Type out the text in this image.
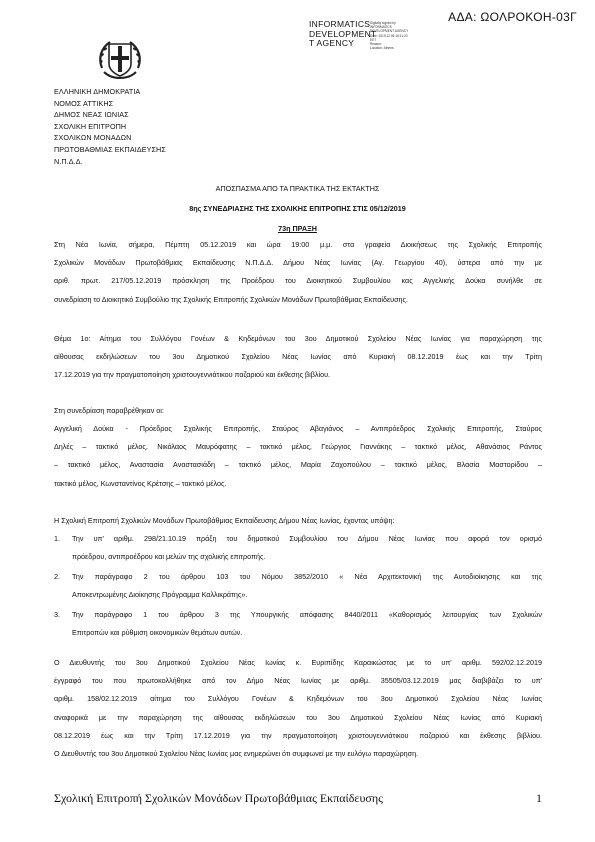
ΑΔΑ: ΩΟΛΡΟΚΟΗ-03Γ
INFORMATICS
DEVELOPMENT
T AGENCY
Digitally signed by
INFORMATICS
DEVELOPMENT AGENCY
Date: 2019.12.06 16:11:23
EET
Reason:
Location: Athens
ΕΛΛΗΝΙΚΗ ΔΗΜΟΚΡΑΤΙΑ
ΝΟΜΟΣ ΑΤΤΙΚΗΣ
ΔΗΜΟΣ ΝΕΑΣ ΙΩΝΙΑΣ
ΣΧΟΛΙΚΗ ΕΠΙΤΡΟΠΗ
ΣΧΟΛΙΚΩΝ ΜΟΝΑΔΩΝ
ΠΡΩΤΟΒΑΘΜΙΑΣ ΕΚΠΑΙΔΕΥΣΗΣ
Ν.Π.Δ.Δ.
ΑΠΟΣΠΑΣΜΑ ΑΠΟ ΤΑ ΠΡΑΚΤΙΚΑ ΤΗΣ ΕΚΤΑΚΤΗΣ
8ης ΣΥΝΕΔΡΙΑΣΗΣ ΤΗΣ ΣΧΟΛΙΚΗΣ ΕΠΙΤΡΟΠΗΣ ΣΤΙΣ 05/12/2019
73η ΠΡΑΞΗ
Στη Νέα Ιωνία, σήμερα, Πέμπτη 05.12.2019 και ώρα 19:00 μ.μ. στα γραφεία Διοικήσεως της Σχολικής Επιτροπής
Σχολικών Μονάδων Πρωτοβάθμιας Εκπαίδευσης Ν.Π.Δ.Δ. Δήμου Νέας Ιωνίας (Αγ. Γεωργίου 40), ύστερα από την με
αριθ. πρωτ. 217/05.12.2019 πρόσκληση της Προέδρου του Διοικητικού Συμβουλίου κας Αγγελικής Δούκα συνήλθε σε
συνεδρίαση το Διοικητικό Συμβούλιο της Σχολικής Επιτροπής Σχολικών Μονάδων Πρωτοβάθμιας Εκπαίδευσης.
Θέμα 1ο: Αίτημα του Συλλόγου Γονέων & Κηδεμόνων του 3ου Δημοτικού Σχολείου Νέας Ιωνίας για παραχώρηση της
αίθουσας εκδηλώσεων του 3ου Δημοτικού Σχολείου Νέας Ιωνίας από Κυριακή 08.12.2019 έως και την Τρίτη
17.12.2019 για την πραγματοποίηση χριστουγεννιάτικου παζαριού και έκθεσης βιβλίου.
Στη συνεδρίαση παραβρέθηκαν οι:
Αγγελική Δούκα - Πρόεδρος Σχολικής Επιτροπής, Σταύρος Αβαγιάνος – Αντιπρόεδρος Σχολικής Επιτροπής, Σταύρος
Δηλές – τακτικό μέλος, Νικόλαος Μαυρόφατης – τακτικό μέλος, Γεώργιος Γιαννάκης – τακτικό μέλος, Αθανάσιος Ράντος
– τακτικό μέλος, Αναστασία Αναστασιάδη – τακτικό μέλος, Μαρία Ζαχοπούλου – τακτικό μέλος, Βλασία Μαστορίδου –
τακτικό μέλος, Κωνσταντίνος Κρέτσης – τακτικό μέλος.
Η Σχολική Επιτροπή Σχολικών Μονάδων Πρωτοβάθμιας Εκπαίδευσης Δήμου Νέας Ιωνίας, έχοντας υπόψη:
1. Την υπ' αριθμ. 298/21.10.19 πράξη του δημοτικού Συμβουλίου του Δήμου Νέας Ιωνίας που αφορά τον ορισμό
πρόεδρου, αντιπροέδρου και μελών της σχολικής επιτροπής.
2. Την παράγραφο 2 του άρθρου 103 του Νόμου 3852/2010 « Νέα Αρχιτεκτονική της Αυτοδιοίκησης και της
Αποκεντρωμένης Διοίκησης Πρόγραμμα Καλλικράτης».
3. Την παράγραφο 1 του άρθρου 3 της Υπουργικής απόφασης 8440/2011 «Καθορισμός λειτουργίας των Σχολικών
Επιτροπών και ρύθμιση οικονομικών θεμάτων αυτών.
Ο Διευθυντής του 3ου Δημοτικού Σχολείου Νέας Ιωνίας κ. Ευριπίδης Καραικώστας με το υπ' αριθμ. 592/02.12.2019
έγγραφό του που πρωτοκολλήθηκε από τον Δήμο Νέας Ιωνίας με αριθμ. 35505/03.12.2019 μας διαβιβάζει το υπ'
αριθμ. 158/02.12.2019 αίτημα του Συλλόγου Γονέων & Κηδεμόνων του 3ου Δημοτικού Σχολείου Νέας Ιωνίας
αναφορικά με την παραχώρηση της αίθουσας εκδηλώσεων του 3ου Δημοτικού Σχολείου Νέας Ιωνίας από Κυριακή
08.12.2019 έως και την Τρίτη 17.12.2019 για την πραγματοποίηση χριστουγεννιάτικου παζαριού και έκθεσης βιβλίου.
Ο Διευθυντής του 3ου Δημοτικού Σχολείου Νέας Ιωνίας μας ενημερώνει ότι συμφωνεί με την ευλόγω παραχώρηση.
Σχολική Επιτροπή Σχολικών Μονάδων Πρωτοβάθμιας Εκπαίδευσης	1
